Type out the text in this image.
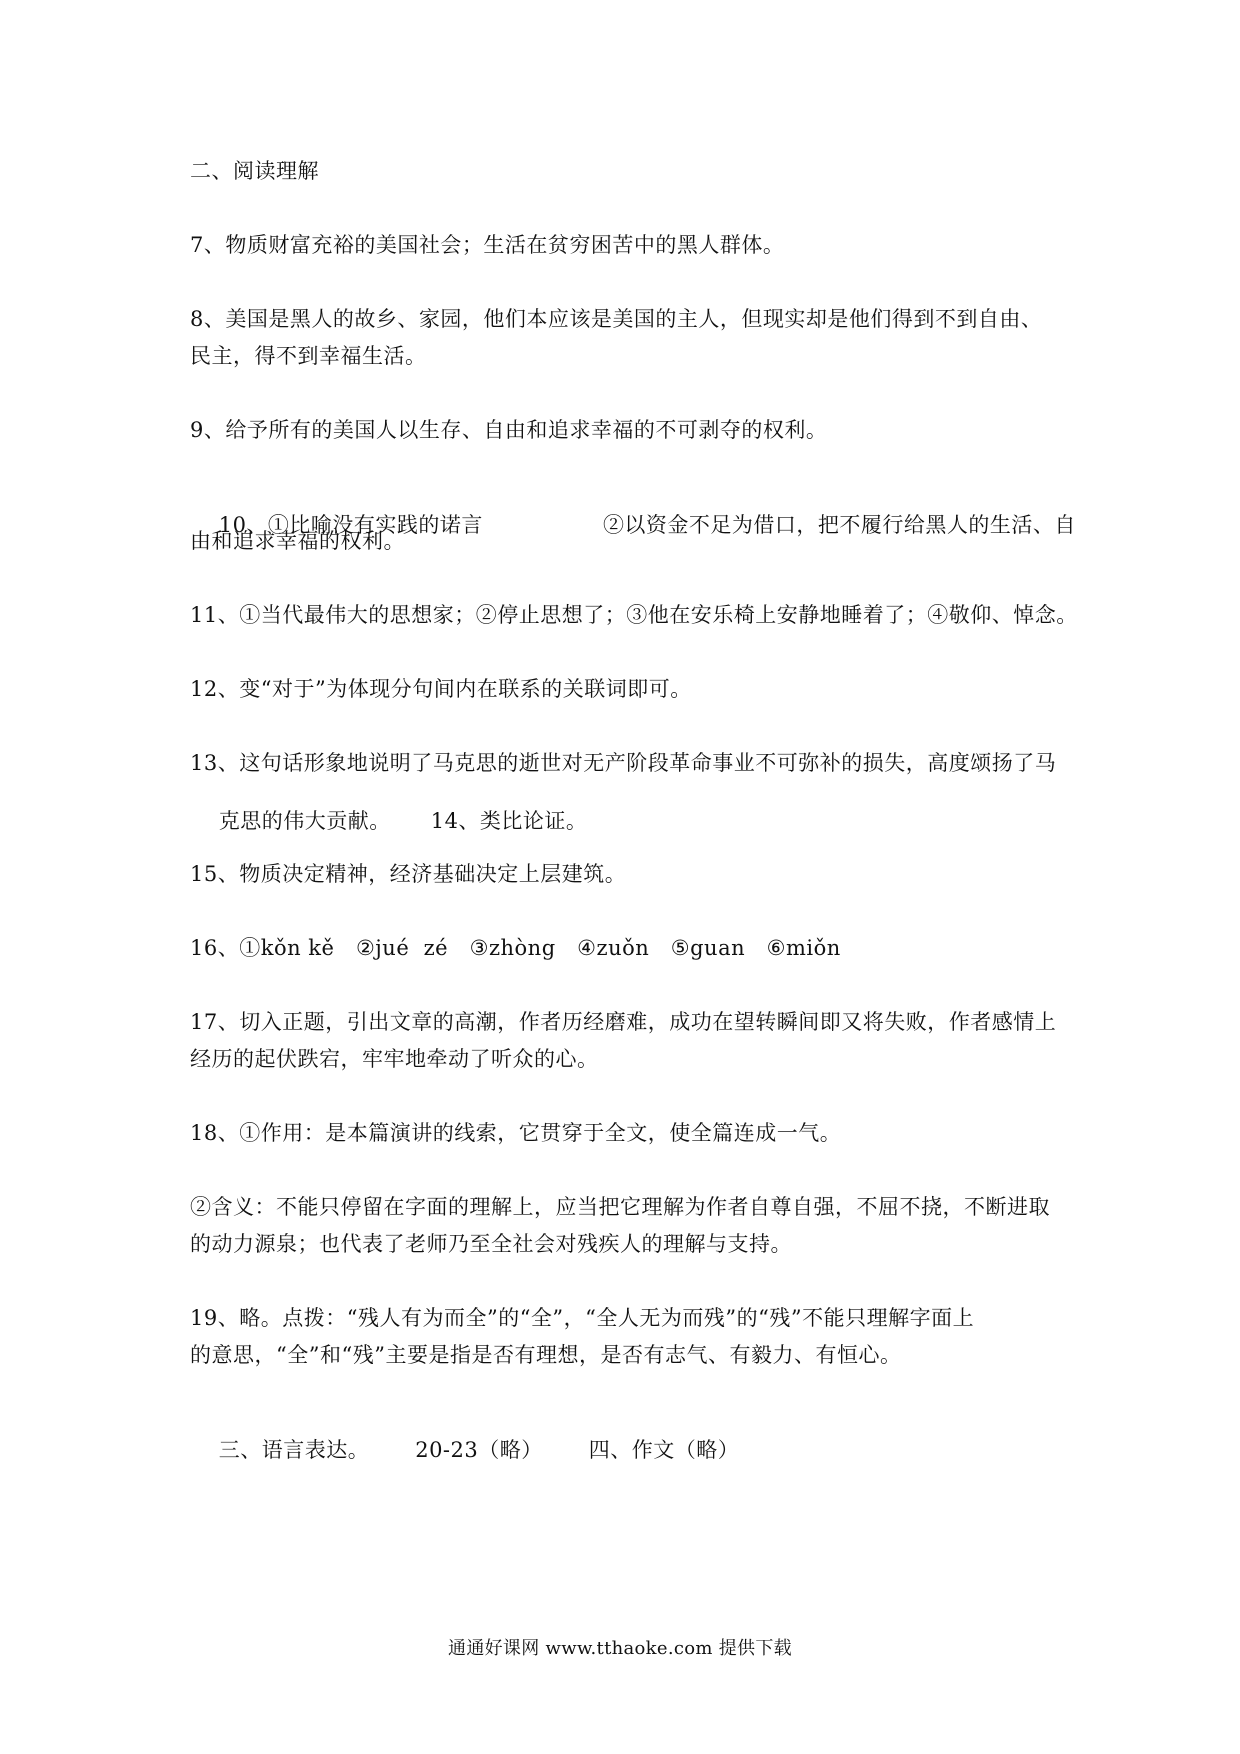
二、阅读理解
7、物质财富充裕的美国社会；生活在贫穷困苦中的黑人群体。
8、美国是黑人的故乡、家园，他们本应该是美国的主人，但现实却是他们得到不到自由、
民主，得不到幸福生活。
9、给予所有的美国人以生存、自由和追求幸福的不可剥夺的权利。

10、①比喻没有实践的诺言	②以资金不足为借口，把不履行给黑人的生活、自

由和追求幸福的权利。
11、①当代最伟大的思想家；②停止思想了；③他在安乐椅上安静地睡着了；④敬仰、悼念。
12、变“对于”为体现分句间内在联系的关联词即可。
13、这句话形象地说明了马克思的逝世对无产阶段革命事业不可弥补的损失，高度颂扬了马

克思的伟大贡献。 14、类比论证。

15、物质决定精神，经济基础决定上层建筑。
16、①kǒn kě   ②jué  zé   ③zhòng   ④zuǒn   ⑤guan   ⑥miǒn
17、切入正题，引出文章的高潮，作者历经磨难，成功在望转瞬间即又将失败，作者感情上
经历的起伏跌宕，牢牢地牵动了听众的心。
18、①作用：是本篇演讲的线索，它贯穿于全文，使全篇连成一气。
②含义：不能只停留在字面的理解上，应当把它理解为作者自尊自强，不屈不挠，不断进取
的动力源泉；也代表了老师乃至全社会对残疾人的理解与支持。
19、略。点拨：“残人有为而全”的“全”，“全人无为而残”的“残”不能只理解字面上
的意思，“全”和“残”主要是指是否有理想，是否有志气、有毅力、有恒心。

三、语言表达。 20-23（略） 四、作文（略）

通通好课网 www.tthaoke.com 提供下载
